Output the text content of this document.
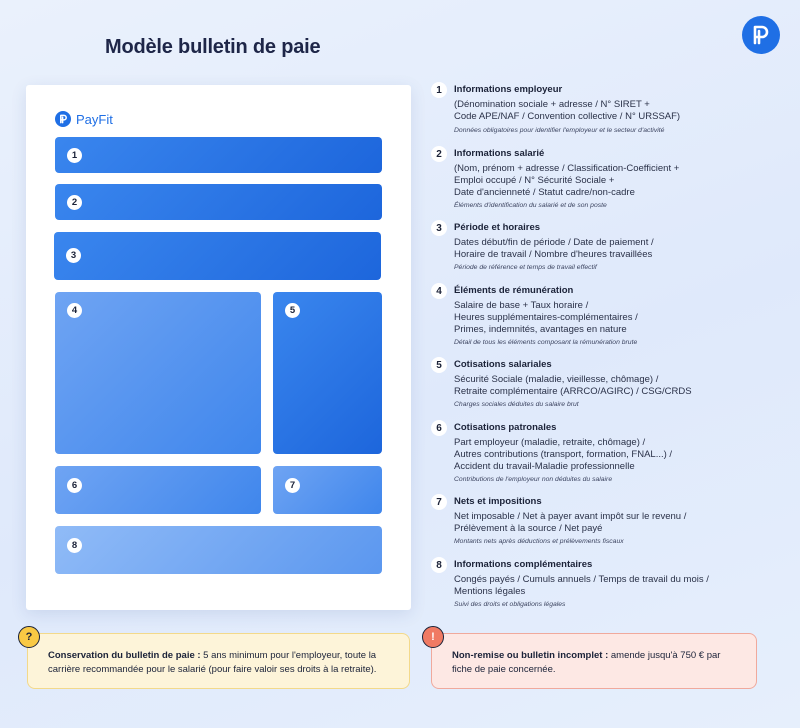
Modèle bulletin de paie
PayFit
1
2
3
4	5
6	7
8
1	Informations employeur
(Dénomination sociale + adresse / N° SIRET +
Code APE/NAF / Convention collective / N° URSSAF)
Données obligatoires pour identifier l'employeur et le secteur d'activité
2	Informations salarié
(Nom, prénom + adresse / Classification-Coefficient +
Emploi occupé / N° Sécurité Sociale +
Date d'ancienneté / Statut cadre/non-cadre
Éléments d'identification du salarié et de son poste
3	Période et horaires
Dates début/fin de période / Date de paiement /
Horaire de travail / Nombre d'heures travaillées
Période de référence et temps de travail effectif
4	Éléments de rémunération
Salaire de base + Taux horaire /
Heures supplémentaires-complémentaires /
Primes, indemnités, avantages en nature
Détail de tous les éléments composant la rémunération brute
5	Cotisations salariales
Sécurité Sociale (maladie, vieillesse, chômage) /
Retraite complémentaire (ARRCO/AGIRC) / CSG/CRDS
Charges sociales déduites du salaire brut
6	Cotisations patronales
Part employeur (maladie, retraite, chômage) /
Autres contributions (transport, formation, FNAL...) /
Accident du travail-Maladie professionnelle
Contributions de l'employeur non déduites du salaire
7	Nets et impositions
Net imposable / Net à payer avant impôt sur le revenu /
Prélèvement à la source / Net payé
Montants nets après déductions et prélèvements fiscaux
8	Informations complémentaires
Congés payés / Cumuls annuels / Temps de travail du mois /
Mentions légales
Suivi des droits et obligations légales
?
Conservation du bulletin de paie : 5 ans minimum pour l'employeur, toute la carrière recommandée pour le salarié (pour faire valoir ses droits à la retraite).
!
Non-remise ou bulletin incomplet : amende jusqu'à 750 € par fiche de paie concernée.
